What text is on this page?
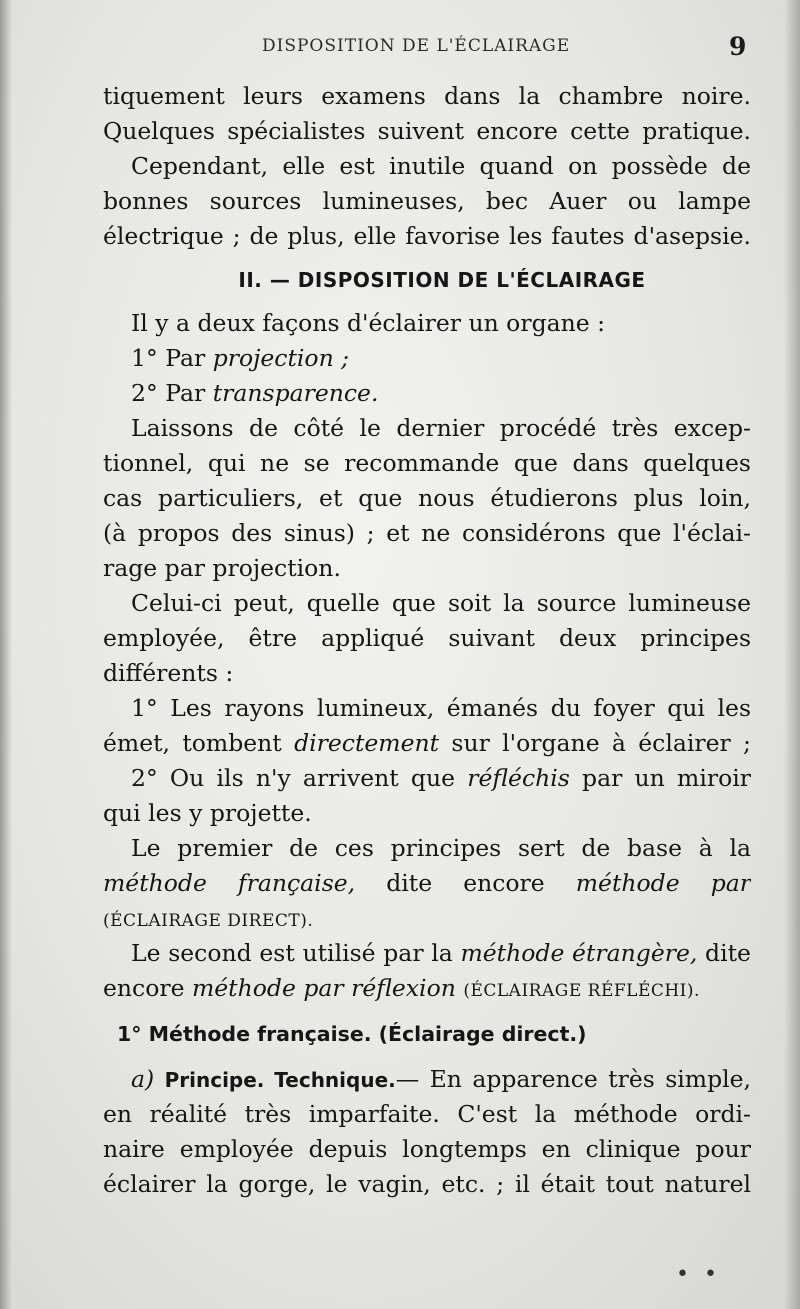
DISPOSITION DE L'ÉCLAIRAGE	9
tiquement leurs examens dans la chambre noire.
Quelques spécialistes suivent encore cette pratique.
Cependant, elle est inutile quand on possède de
bonnes sources lumineuses, bec Auer ou lampe
électrique ; de plus, elle favorise les fautes d'asepsie.
II. — DISPOSITION DE L'ÉCLAIRAGE
Il y a deux façons d'éclairer un organe :
1° Par projection ;
2° Par transparence.
Laissons de côté le dernier procédé très excep-
tionnel, qui ne se recommande que dans quelques
cas particuliers, et que nous étudierons plus loin,
(à propos des sinus) ; et ne considérons que l'éclai-
rage par projection.
Celui-ci peut, quelle que soit la source lumineuse
employée, être appliqué suivant deux principes
différents :
1° Les rayons lumineux, émanés du foyer qui les
émet, tombent directement sur l'organe à éclairer ;
2° Ou ils n'y arrivent que réfléchis par un miroir
qui les y projette.
Le premier de ces principes sert de base à la
méthode française, dite encore méthode par
(ÉCLAIRAGE DIRECT).
Le second est utilisé par la méthode étrangère, dite
encore méthode par réflexion (ÉCLAIRAGE RÉFLÉCHI).
1° Méthode française. (Éclairage direct.)
a) Principe. Technique.— En apparence très simple,
en réalité très imparfaite. C'est la méthode ordi-
naire employée depuis longtemps en clinique pour
éclairer la gorge, le vagin, etc. ; il était tout naturel
• •
